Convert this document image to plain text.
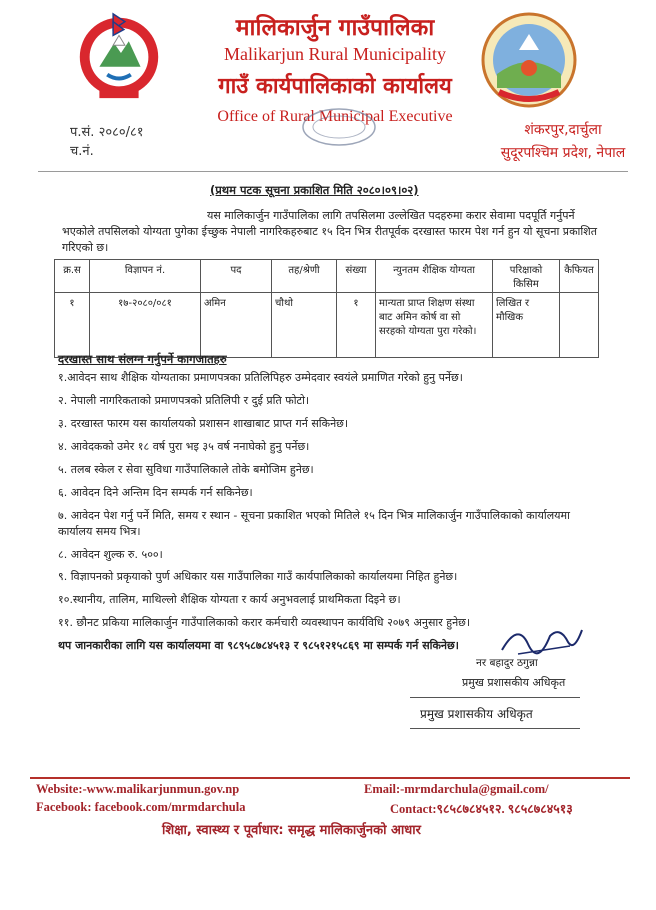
मालिकार्जुन गाउँपालिका
Malikarjun Rural Municipality
गाउँ कार्यपालिकाको कार्यालय
Office of Rural Municipal Executive
प.सं. २०८०/८१
च.नं.
शंकरपुर,दार्चुला
सुदूरपश्चिम प्रदेश, नेपाल
(प्रथम पटक सूचना प्रकाशित मिति २०८०।०९।०२)
यस मालिकार्जुन गाउँपालिका लागि तपसिलमा उल्लेखित पदहरुमा करार सेवामा पदपूर्ति गर्नुपर्ने भएकोले तपसिलको योग्यता पुगेका ईच्छुक नेपाली नागरिकहरुबाट १५ दिन भित्र रीतपूर्वक दरखास्त फारम पेश गर्न हुन यो सूचना प्रकाशित गरिएको छ।
क्र.स	विज्ञापन नं.	पद	तह/श्रेणी	संख्या	न्युनतम शैक्षिक योग्यता	परिक्षाको किसिम	कैफियत
१	१७-२०८०/०८१	अमिन	चौथो	१	मान्यता प्राप्त शिक्षण संस्था बाट अमिन कोर्ष वा सो सरहको योग्यता पुरा गरेको।	लिखित र मौखिक	
दरखास्त साथ संलग्न गर्नुपर्ने कागजातहरु
१.आवेदन साथ शैक्षिक योग्यताका प्रमाणपत्रका प्रतिलिपिहरु उम्मेदवार स्वयंले प्रमाणित गरेको हुनु पर्नेछ।
२. नेपाली नागरिकताको प्रमाणपत्रको प्रतिलिपी र दुई प्रति फोटो।
३. दरखास्त फारम यस कार्यालयको प्रशासन शाखाबाट प्राप्त गर्न सकिनेछ।
४. आवेदकको उमेर १८ वर्ष पुरा भइ ३५ वर्ष ननाघेको हुनु पर्नेछ।
५. तलब स्केल र सेवा सुविधा गाउँपालिकाले तोके बमोजिम हुनेछ।
६. आवेदन दिने अन्तिम दिन सम्पर्क गर्न सकिनेछ।
७. आवेदन पेश गर्नु पर्ने मिति, समय र स्थान - सूचना प्रकाशित भएको मितिले १५ दिन भित्र मालिकार्जुन गाउँपालिकाको कार्यालयमा कार्यालय समय भित्र।
८. आवेदन शुल्क रु. ५००।
९. विज्ञापनको प्रकृयाको पुर्ण अधिकार यस गाउँपालिका गाउँ कार्यपालिकाको कार्यालयमा निहित हुनेछ।
१०.स्थानीय, तालिम, माथिल्लो शैक्षिक योग्यता र कार्य अनुभवलाई प्राथमिकता दिइने छ।
११. छौनट प्रकिया मालिकार्जुन गाउँपालिकाको करार कर्मचारी व्यवस्थापन कार्यविधि २०७९ अनुसार हुनेछ।
थप जानकारीका लागि यस कार्यालयमा वा ९८९५८७८४५१३ र ९८५१२१५८६९ मा सम्पर्क गर्न सकिनेछ।
नर बहादुर ठगुन्ना
प्रमुख प्रशासकीय अधिकृत
प्रमुख प्रशासकीय अधिकृत
Website:-www.malikarjunmun.gov.np
Facebook: facebook.com/mrmdarchula
Email:-mrmdarchula@gmail.com/
Contact:९८५८७८४५१२. ९८५८७८४५१३
शिक्षा, स्वास्थ्य र पूर्वाधार: समृद्ध मालिकार्जुनको आधार
